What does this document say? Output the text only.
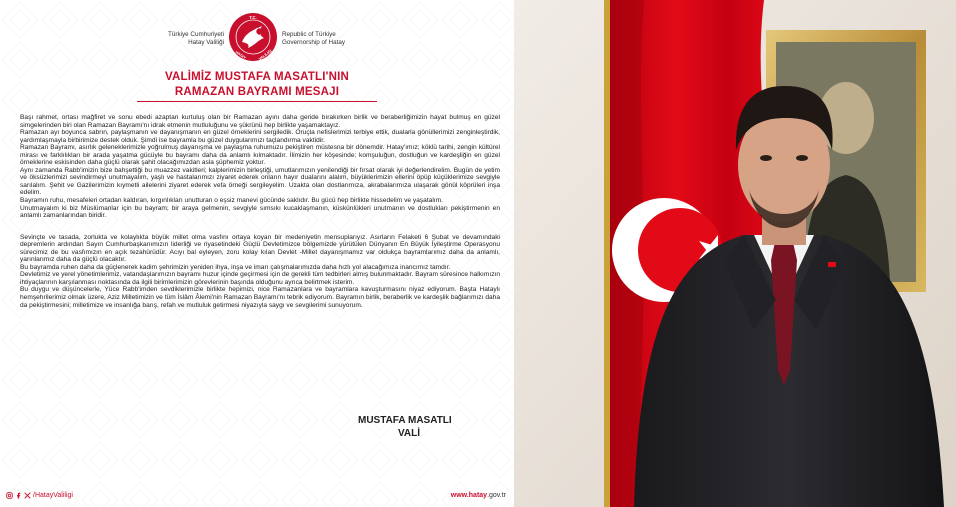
Türkiye Cumhuriyeti
Hatay Valiliği
T.C.
HATAY	VALİLİĞİ
Republic of Türkiye
Governorship of Hatay
VALİMİZ MUSTAFA MASATLI'NIN
RAMAZAN BAYRAMI MESAJI

Başı rahmet, ortası mağfiret ve sonu ebedi azaptan kurtuluş olan bir Ramazan ayını daha geride bırakırken birlik ve beraberliğimizin hayat bulmuş en güzel simgelerinden biri olan Ramazan Bayramı'nı idrak etmenin mutluluğunu ve şükrünü hep birlikte yaşamaktayız.

Ramazan ayı boyunca sabrın, paylaşmanın ve dayanışmanın en güzel örneklerini sergiledik. Oruçla nefislerimizi terbiye ettik, dualarla gönüllerimizi zenginleştirdik, yardımlaşmayla birbirimize destek olduk. Şimdi ise bayramla bu güzel duygularımızı taçlandırma vaktidir.

Ramazan Bayramı, asırlık geleneklerimizle yoğrulmuş dayanışma ve paylaşma ruhumuzu pekiştiren müstesna bir dönemdir. Hatay'ımız; köklü tarihi, zengin kültürel mirası ve farklılıkları bir arada yaşatma gücüyle bu bayramı daha da anlamlı kılmaktadır. İlimizin her köşesinde; komşuluğun, dostluğun ve kardeşliğin en güzel örneklerine eskisinden daha güçlü olarak şahit olacağımızdan asla şüphemiz yoktur.

Aynı zamanda Rabb'imizin bize bahşettiği bu muazzez vakitleri; kalplerimizin birleştiği, umutlarımızın yenilendiği bir fırsat olarak iyi değerlendirelim. Bugün de yetim ve öksüzlerimizi sevindirmeyi unutmayalım, yaşlı ve hastalarımızı ziyaret ederek onların hayır dualarını alalım, büyüklerimizin ellerini öpüp küçüklerimize sevgiyle sarılalım. Şehit ve Gazilerimizin kıymetli ailelerini ziyaret ederek vefa örneği sergileyelim. Uzakta olan dostlarımıza, akrabalarımıza ulaşarak gönül köprüleri inşa edelim.

Bayramın ruhu, mesafeleri ortadan kaldıran, kırgınlıkları unutturan o eşsiz manevi gücünde saklıdır. Bu gücü hep birlikte hissedelim ve yaşatalım.

Unutmayalım ki biz Müslümanlar için bu bayram; bir araya gelmenin, sevgiyle sımsıkı kucaklaşmanın, küskünlükleri unutmanın ve dostlukları pekiştirmenin en anlamlı zamanlarından biridir.

Sevinçte ve tasada, zorlukta ve kolaylıkta büyük millet olma vasfını ortaya koyan bir medeniyetin mensuplarıyız. Asırların Felaketi 6 Şubat ve devamındaki depremlerin ardından Sayın Cumhurbaşkanımızın liderliği ve riyasetindeki Güçlü Devletimizce bölgemizde yürütülen Dünyanın En Büyük İyileştirme Operasyonu sürecimiz de bu vasfımızın en açık tezahürüdür. Acıyı bal eyleyen, zoru kolay kılan Devlet -Millet dayanışmamız var oldukça bayramlarımız daha da anlamlı, yarınlarımız daha da güçlü olacaktır.

Bu bayramda ruhen daha da güçlenerek kadim şehrimizin yeniden ihya, inşa ve imarı çalışmalarımızda daha hızlı yol alacağımıza inancımız tamdır.

Devletimiz ve yerel yönetimlerimiz, vatandaşlarımızın bayramı huzur içinde geçirmesi için de gerekli tüm tedbirleri almış bulunmaktadır. Bayram süresince halkımızın ihtiyaçlarının karşılanması noktasında da ilgili birimlerimizin görevlerinin başında olduğunu ayrıca belirtmek isterim.

Bu duygu ve düşüncelerle, Yüce Rabb'imden sevdiklerimizle birlikte hepimizi, nice Ramazanlara ve bayramlara kavuşturmasını niyaz ediyorum. Başta Hataylı hemşehrilerimiz olmak üzere, Aziz Milletimizin ve tüm İslâm Âlemi'nin Ramazan Bayramı'nı tebrik ediyorum. Bayramın birlik, beraberlik ve kardeşlik bağlarımızı daha da pekiştirmesini; milletimize ve insanlığa barış, refah ve mutluluk getirmesi niyazıyla saygı ve sevgilerimi sunuyorum.

MUSTAFA MASATLI
VALİ
/HatayValiligi	www.hatay.gov.tr
